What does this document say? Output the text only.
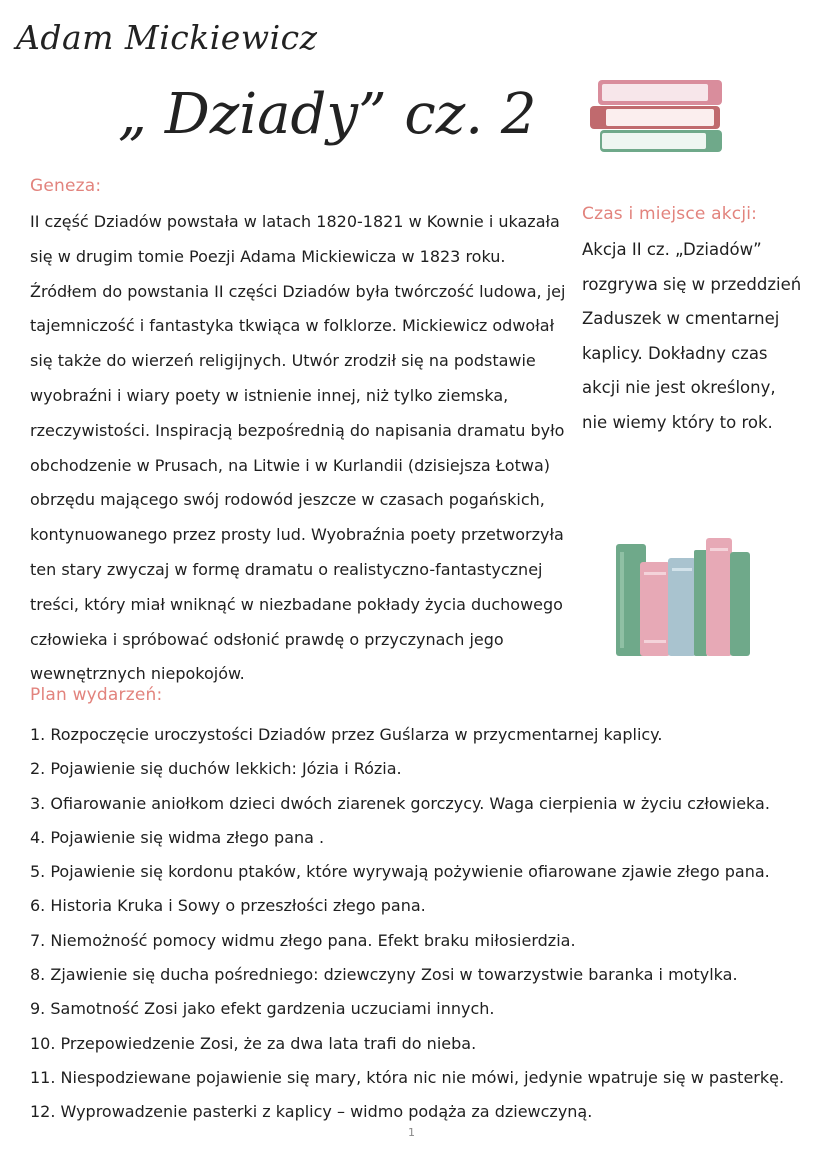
Adam Mickiewicz
„ Dziady” cz. 2
Geneza:

II część Dziadów powstała w latach 1820-1821 w Kownie i ukazała się w drugim tomie Poezji Adama Mickiewicza w 1823 roku. Źródłem do powstania II części Dziadów była twórczość ludowa, jej tajemniczość i fantastyka tkwiąca w folklorze. Mickiewicz odwołał się także do wierzeń religijnych. Utwór zrodził się na podstawie wyobraźni i wiary poety w istnienie innej, niż tylko ziemska, rzeczywistości. Inspiracją bezpośrednią do napisania dramatu było obchodzenie w Prusach, na Litwie i w Kurlandii (dzisiejsza Łotwa) obrzędu mającego swój rodowód jeszcze w czasach pogańskich, kontynuowanego przez prosty lud. Wyobraźnia poety przetworzyła ten stary zwyczaj w formę dramatu o realistyczno-fantastycznej treści, który miał wniknąć w niezbadane pokłady życia duchowego człowieka i spróbować odsłonić prawdę o przyczynach jego wewnętrznych niepokojów.

Czas i miejsce akcji:

Akcja II cz. „Dziadów” rozgrywa się w przeddzień Zaduszek w cmentarnej kaplicy. Dokładny czas akcji nie jest określony, nie wiemy który to rok.

Plan wydarzeń:
1. Rozpoczęcie uroczystości Dziadów przez Guślarza w przycmentarnej kaplicy.
2. Pojawienie się duchów lekkich: Józia i Rózia.
3. Ofiarowanie aniołkom dzieci dwóch ziarenek gorczycy. Waga cierpienia w życiu człowieka.
4. Pojawienie się widma złego pana .
5. Pojawienie się kordonu ptaków, które wyrywają pożywienie ofiarowane zjawie złego pana.
6. Historia Kruka i Sowy o przeszłości złego pana.
7. Niemożność pomocy widmu złego pana. Efekt braku miłosierdzia.
8. Zjawienie się ducha pośredniego: dziewczyny Zosi w towarzystwie baranka i motylka.
9. Samotność Zosi jako efekt gardzenia uczuciami innych.
10. Przepowiedzenie Zosi, że za dwa lata trafi do nieba.
11. Niespodziewane pojawienie się mary, która nic nie mówi, jedynie wpatruje się w pasterkę.
12. Wyprowadzenie pasterki z kaplicy – widmo podąża za dziewczyną.
1
